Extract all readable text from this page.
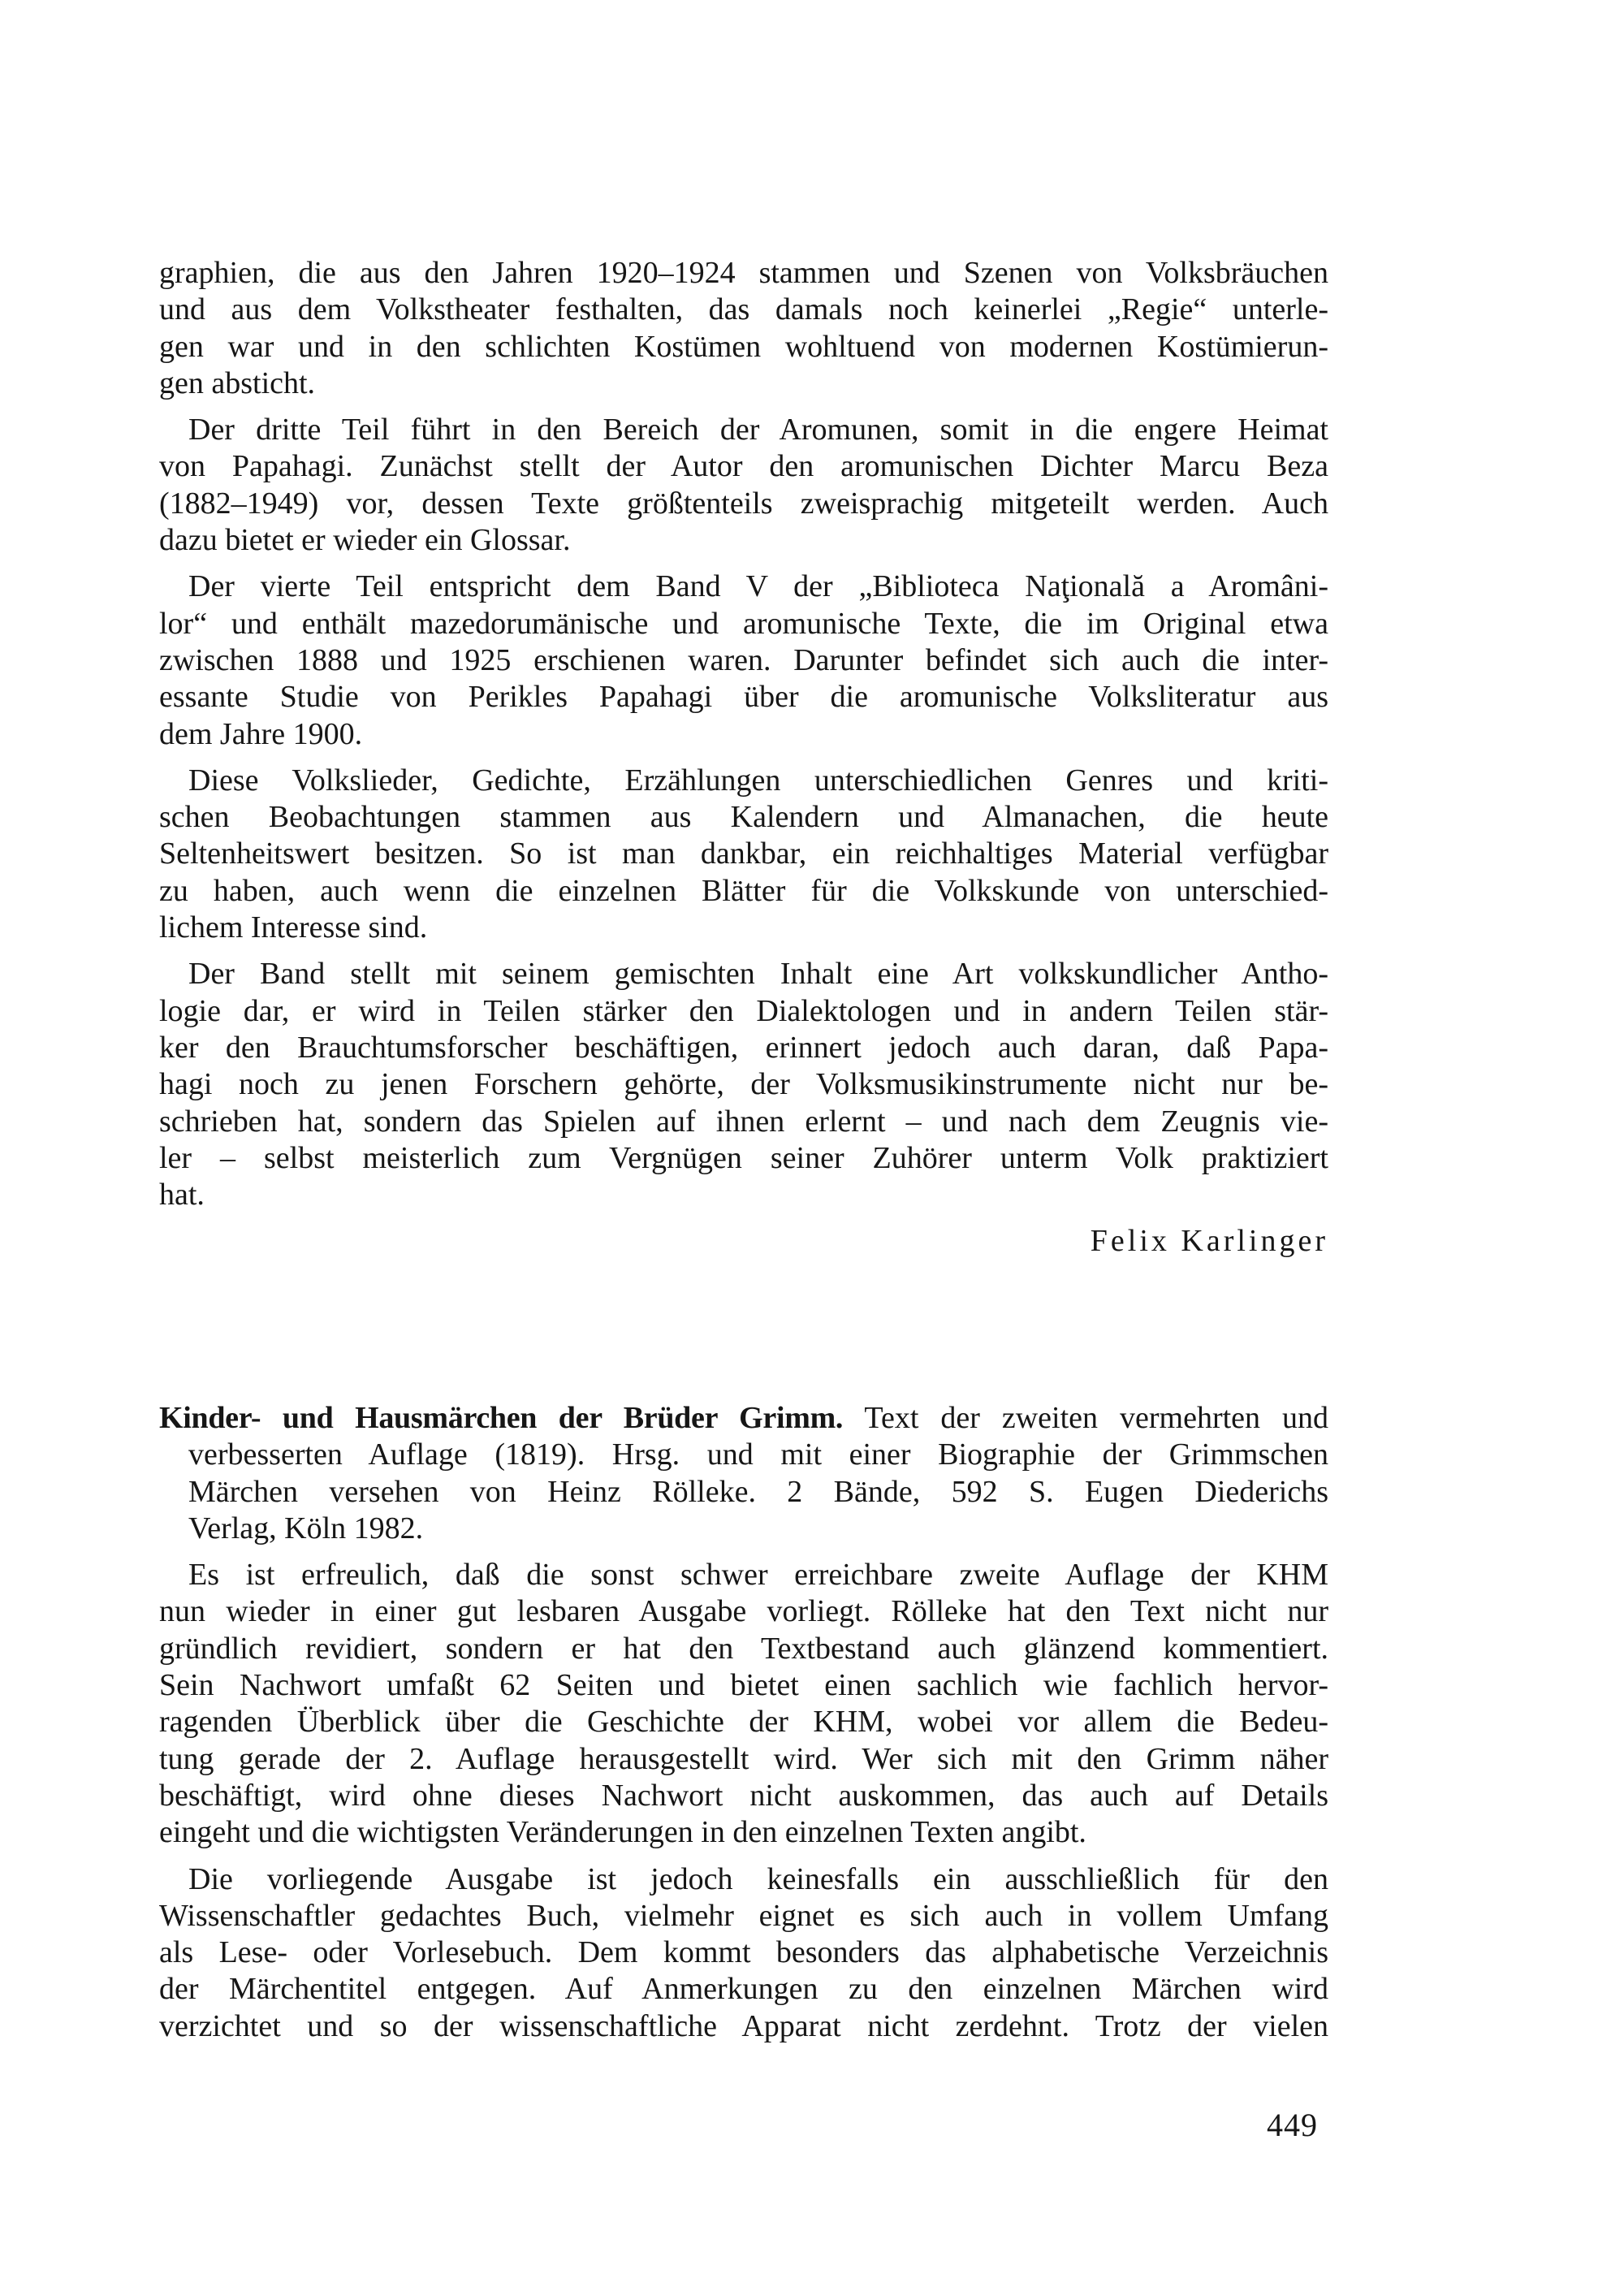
graphien, die aus den Jahren 1920–1924 stammen und Szenen von Volksbräuchen
und aus dem Volkstheater festhalten, das damals noch keinerlei „Regie“ unterle-
gen war und in den schlichten Kostümen wohltuend von modernen Kostümierun-
gen absticht.
Der dritte Teil führt in den Bereich der Aromunen, somit in die engere Heimat
von Papahagi. Zunächst stellt der Autor den aromunischen Dichter Marcu Beza
(1882–1949) vor, dessen Texte größtenteils zweisprachig mitgeteilt werden. Auch
dazu bietet er wieder ein Glossar.
Der vierte Teil entspricht dem Band V der „Biblioteca Naţională a Aromâni-
lor“ und enthält mazedorumänische und aromunische Texte, die im Original etwa
zwischen 1888 und 1925 erschienen waren. Darunter befindet sich auch die inter-
essante Studie von Perikles Papahagi über die aromunische Volksliteratur aus
dem Jahre 1900.
Diese Volkslieder, Gedichte, Erzählungen unterschiedlichen Genres und kriti-
schen Beobachtungen stammen aus Kalendern und Almanachen, die heute
Seltenheitswert besitzen. So ist man dankbar, ein reichhaltiges Material verfügbar
zu haben, auch wenn die einzelnen Blätter für die Volkskunde von unterschied-
lichem Interesse sind.
Der Band stellt mit seinem gemischten Inhalt eine Art volkskundlicher Antho-
logie dar, er wird in Teilen stärker den Dialektologen und in andern Teilen stär-
ker den Brauchtumsforscher beschäftigen, erinnert jedoch auch daran, daß Papa-
hagi noch zu jenen Forschern gehörte, der Volksmusikinstrumente nicht nur be-
schrieben hat, sondern das Spielen auf ihnen erlernt – und nach dem Zeugnis vie-
ler – selbst meisterlich zum Vergnügen seiner Zuhörer unterm Volk praktiziert
hat.
Felix Karlinger
Kinder- und Hausmärchen der Brüder Grimm. Text der zweiten vermehrten und
verbesserten Auflage (1819). Hrsg. und mit einer Biographie der Grimmschen
Märchen versehen von Heinz Rölleke. 2 Bände, 592 S. Eugen Diederichs
Verlag, Köln 1982.
Es ist erfreulich, daß die sonst schwer erreichbare zweite Auflage der KHM
nun wieder in einer gut lesbaren Ausgabe vorliegt. Rölleke hat den Text nicht nur
gründlich revidiert, sondern er hat den Textbestand auch glänzend kommentiert.
Sein Nachwort umfaßt 62 Seiten und bietet einen sachlich wie fachlich hervor-
ragenden Überblick über die Geschichte der KHM, wobei vor allem die Bedeu-
tung gerade der 2. Auflage herausgestellt wird. Wer sich mit den Grimm näher
beschäftigt, wird ohne dieses Nachwort nicht auskommen, das auch auf Details
eingeht und die wichtigsten Veränderungen in den einzelnen Texten angibt.
Die vorliegende Ausgabe ist jedoch keinesfalls ein ausschließlich für den
Wissenschaftler gedachtes Buch, vielmehr eignet es sich auch in vollem Umfang
als Lese- oder Vorlesebuch. Dem kommt besonders das alphabetische Verzeichnis
der Märchentitel entgegen. Auf Anmerkungen zu den einzelnen Märchen wird
verzichtet und so der wissenschaftliche Apparat nicht zerdehnt. Trotz der vielen
449
